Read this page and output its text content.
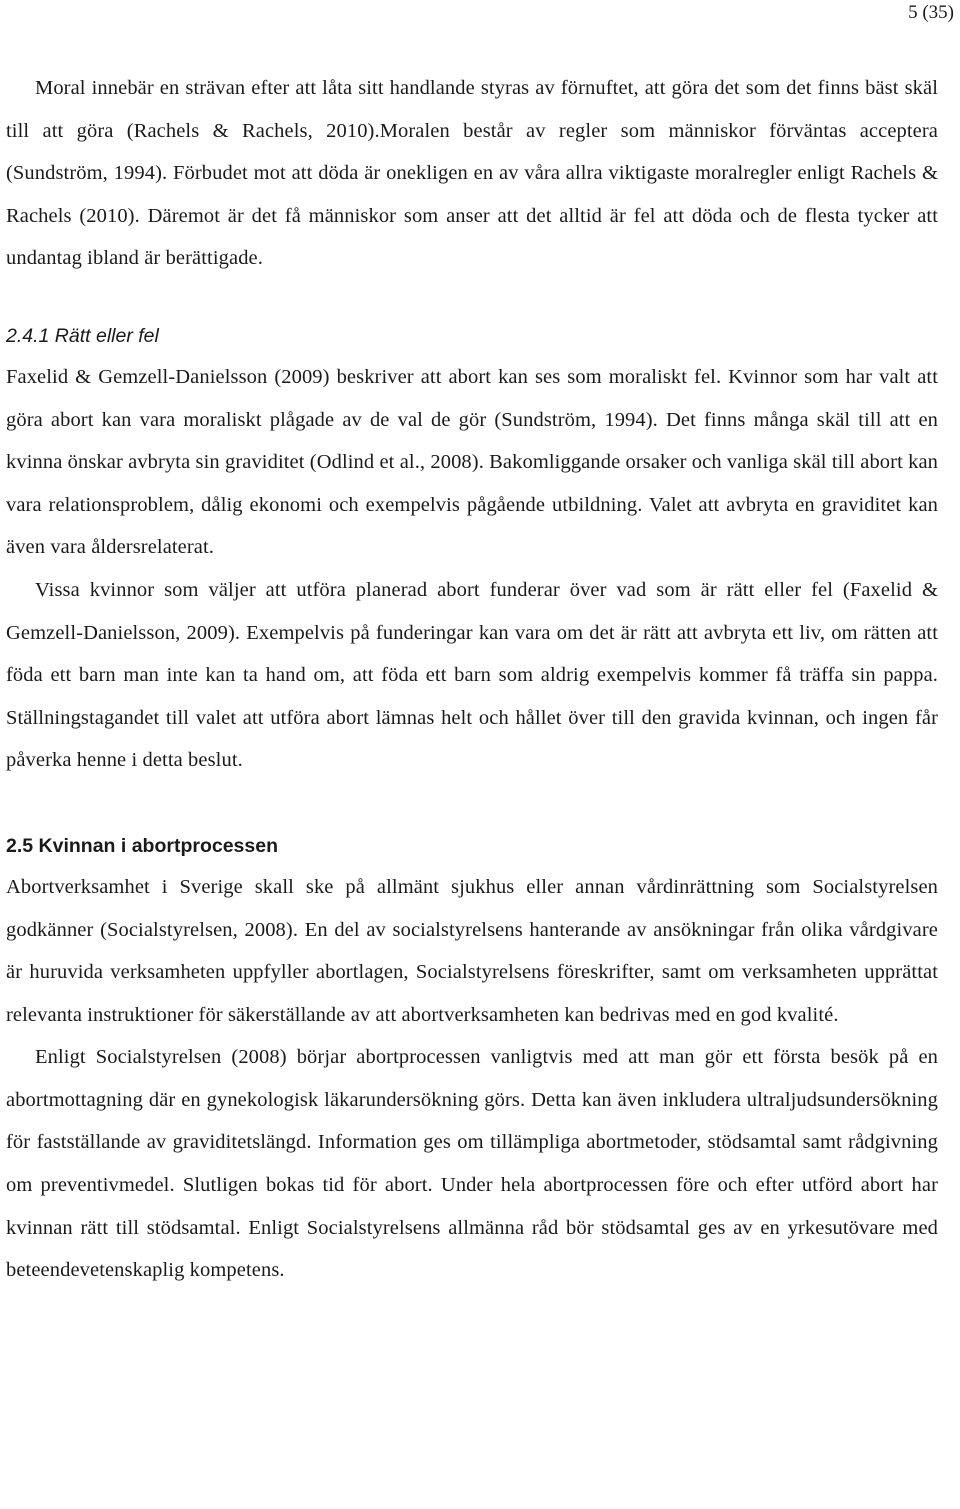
5 (35)

Moral innebär en strävan efter att låta sitt handlande styras av förnuftet, att göra det som det finns bäst skäl till att göra (Rachels & Rachels, 2010).Moralen består av regler som människor förväntas acceptera (Sundström, 1994). Förbudet mot att döda är onekligen en av våra allra viktigaste moralregler enligt Rachels & Rachels (2010). Däremot är det få människor som anser att det alltid är fel att döda och de flesta tycker att undantag ibland är berättigade.

2.4.1 Rätt eller fel

Faxelid & Gemzell-Danielsson (2009) beskriver att abort kan ses som moraliskt fel. Kvinnor som har valt att göra abort kan vara moraliskt plågade av de val de gör (Sundström, 1994). Det finns många skäl till att en kvinna önskar avbryta sin graviditet (Odlind et al., 2008). Bakomliggande orsaker och vanliga skäl till abort kan vara relationsproblem, dålig ekonomi och exempelvis pågående utbildning. Valet att avbryta en graviditet kan även vara åldersrelaterat.

Vissa kvinnor som väljer att utföra planerad abort funderar över vad som är rätt eller fel (Faxelid & Gemzell-Danielsson, 2009). Exempelvis på funderingar kan vara om det är rätt att avbryta ett liv, om rätten att föda ett barn man inte kan ta hand om, att föda ett barn som aldrig exempelvis kommer få träffa sin pappa. Ställningstagandet till valet att utföra abort lämnas helt och hållet över till den gravida kvinnan, och ingen får påverka henne i detta beslut.

2.5 Kvinnan i abortprocessen

Abortverksamhet i Sverige skall ske på allmänt sjukhus eller annan vårdinrättning som Socialstyrelsen godkänner (Socialstyrelsen, 2008). En del av socialstyrelsens hanterande av ansökningar från olika vårdgivare är huruvida verksamheten uppfyller abortlagen, Socialstyrelsens föreskrifter, samt om verksamheten upprättat relevanta instruktioner för säkerställande av att abortverksamheten kan bedrivas med en god kvalité.

Enligt Socialstyrelsen (2008) börjar abortprocessen vanligtvis med att man gör ett första besök på en abortmottagning där en gynekologisk läkarundersökning görs. Detta kan även inkludera ultraljudsundersökning för fastställande av graviditetslängd. Information ges om tillämpliga abortmetoder, stödsamtal samt rådgivning om preventivmedel. Slutligen bokas tid för abort. Under hela abortprocessen före och efter utförd abort har kvinnan rätt till stödsamtal. Enligt Socialstyrelsens allmänna råd bör stödsamtal ges av en yrkesutövare med beteendevetenskaplig kompetens.
